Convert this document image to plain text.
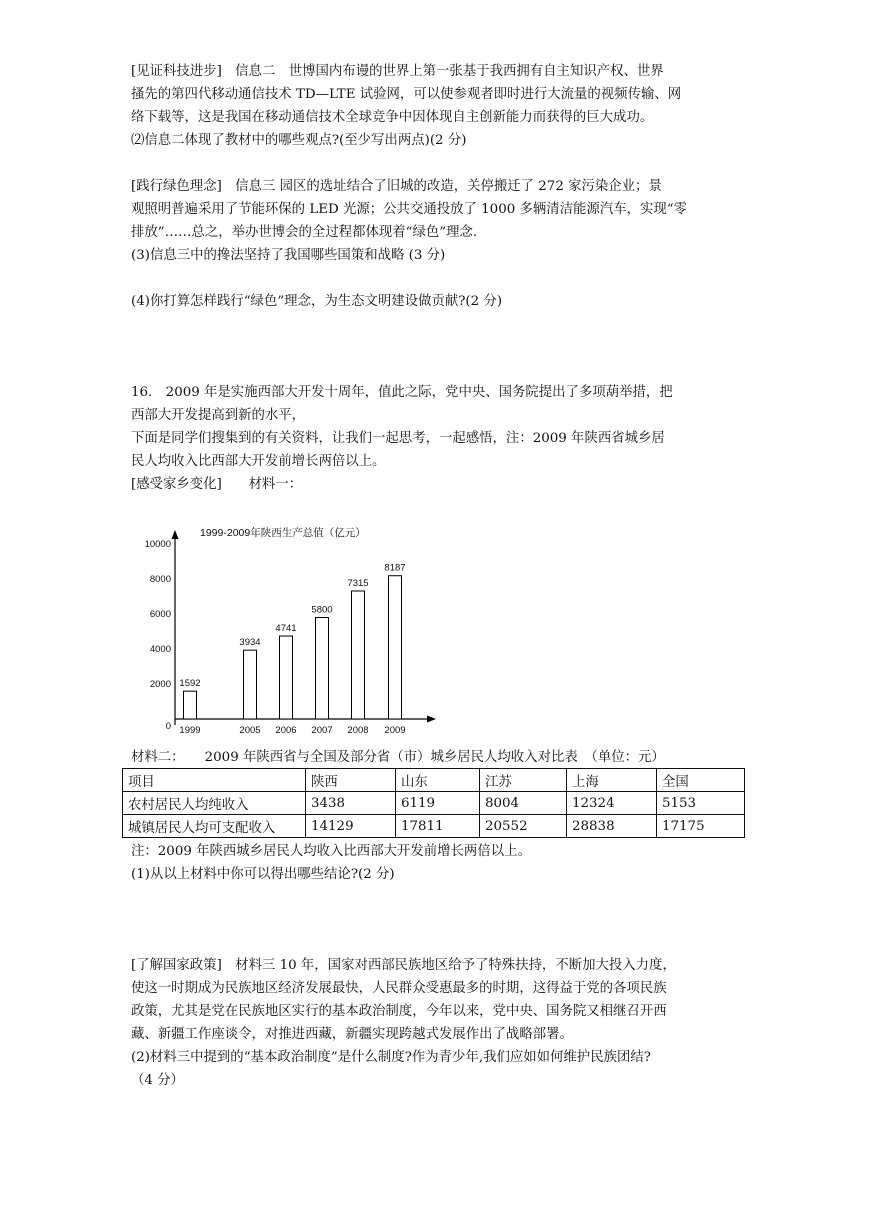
[见证科技进步]　信息二　世博国内布谩的世界上第一张基于我西拥有自主知识产权、世界
搔先的第四代移动通信技术 TD—LTE 试验网，可以使参观者即时进行大流量的视频传输、网
络下载等，这是我国在移动通信技术全球竞争中因体现自主创新能力而获得的巨大成功。
⑵信息二体现了教材中的哪些观点?(至少写出两点)(2 分)
[践行绿色理念]　信息三 园区的选址结合了旧城的改造，关停搬迁了 272 家污染企业；景
观照明普遍采用了节能环保的 LED 光源；公共交通投放了 1000 多辆清洁能源汽车，实现“零
排放”……总之，举办世博会的全过程都体现着“绿色”理念.
(3)信息三中的搀法坚持了我国哪些国策和战略 (3 分)
(4)你打算怎样践行“绿色”理念，为生态文明建设做贡献?(2 分)
16.　2009 年是实施西部大开发十周年，值此之际，党中央、国务院提出了多项葫举措，把
西部大开发提高到新的水平，
下面是同学们搜集到的有关资料，让我们一起思考，一起感悟，注：2009 年陕西省城乡居
民人均收入比西部大开发前增长两倍以上。
[感受家乡变化]　　材料一：
1999-2009年陕西生产总值（亿元）
10000
8000
6000
4000
2000
0
1592
3934
4741
5800
7315
8187
1999	2005 2006 2007 2008 2009
材料二：　　2009 年陕西省与全国及部分省（市）城乡居民人均收入对比表　（单位：元）
项目	陕西	山东	江苏	上海	全国
农村居民人均纯收入	3438	6119	8004	12324	5153
城镇居民人均可支配收入	14129	17811	20552	28838	17175
注：2009 年陕西城乡居民人均收入比西部大开发前增长两倍以上。
(1)从以上材料中你可以得出哪些结论?(2 分)
[了解国家政策]　材料三 10 年，国家对西部民族地区给予了特殊扶持，不断加大投入力度，
使这一时期成为民族地区经济发展最快，人民群众受惠最多的时期，这得益于党的各项民族
政策，尤其是党在民族地区实行的基本政治制度，今年以来，党中央、国务院又相继召开西
藏、新疆工作座谈令，对推进西藏，新疆实现跨越式发展作出了战略部署。
(2)材料三中提到的“基本政治制度”是什么制度?作为青少年,我们应如如何维护民族团结?
（4 分）
